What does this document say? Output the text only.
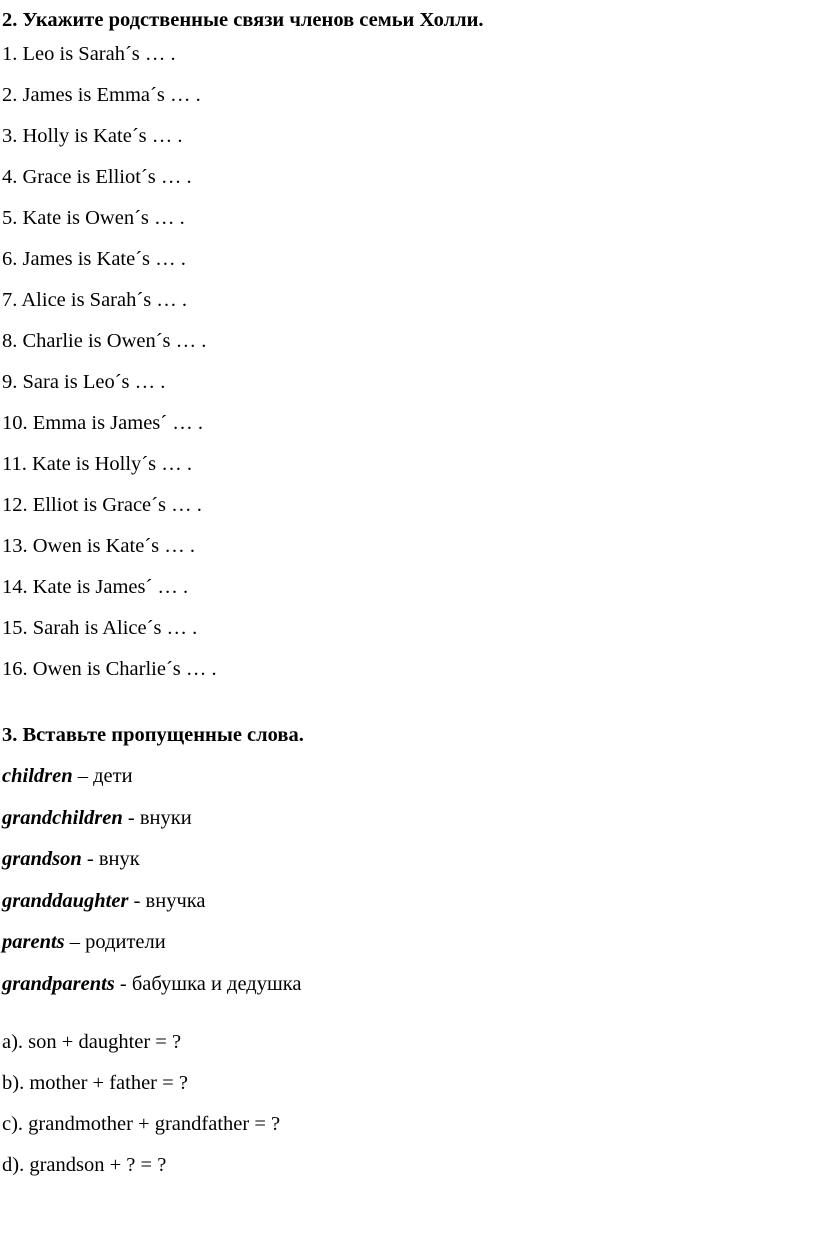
2. Укажите родственные связи членов семьи Холли.
1. Leo is Sarah´s … .
2. James is Emma´s … .
3. Holly is Kate´s … .
4. Grace is Elliot´s … .
5. Kate is Owen´s … .
6. James is Kate´s … .
7. Alice is Sarah´s … .
8. Charlie is Owen´s … .
9. Sara is Leo´s … .
10. Emma is James´ … .
11. Kate is Holly´s … .
12. Elliot is Grace´s … .
13. Owen is Kate´s … .
14. Kate is James´ … .
15. Sarah is Alice´s … .
16. Owen is Charlie´s … .
3. Вставьте пропущенные слова.
children – дети
grandchildren - внуки
grandson - внук
granddaughter - внучка
parents – родители
grandparents - бабушка и дедушка
a). son + daughter = ?
b). mother + father = ?
c). grandmother + grandfather = ?
d). grandson + ? = ?
